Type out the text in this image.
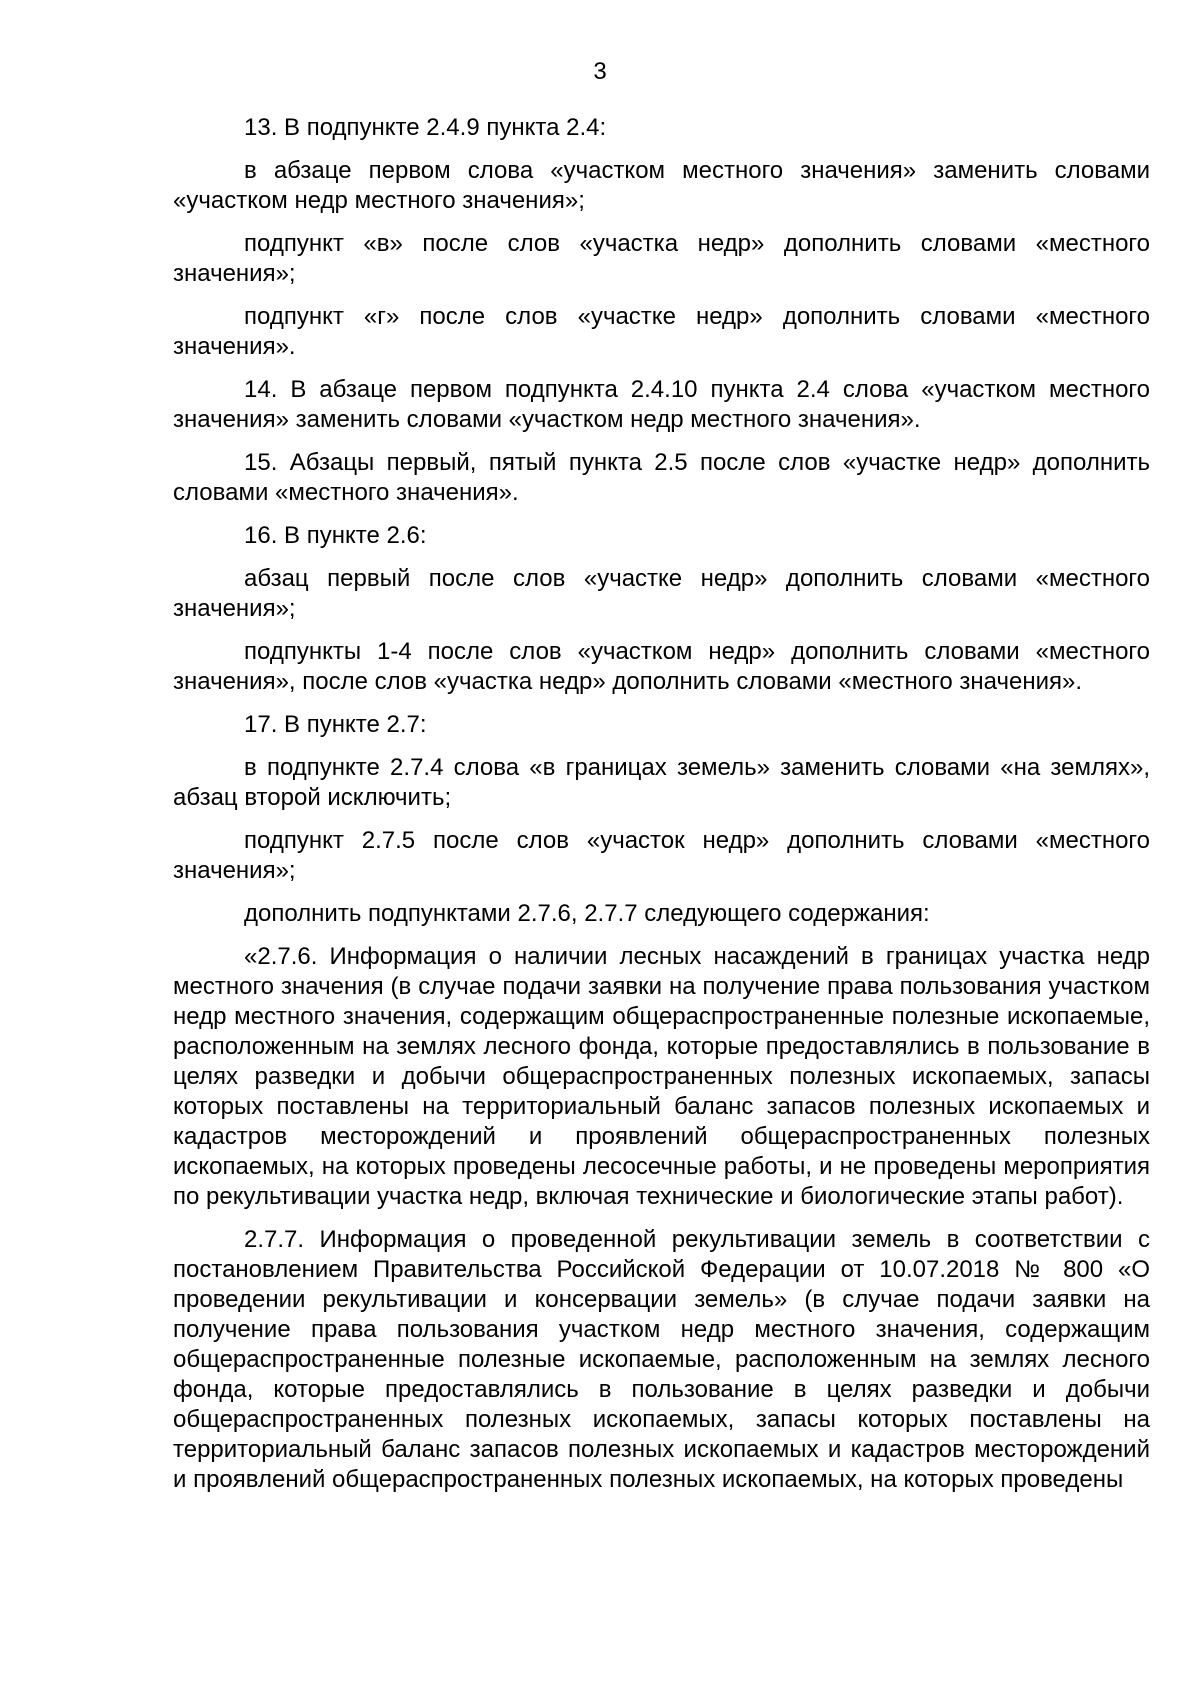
3

13. В подпункте 2.4.9 пункта 2.4:

в абзаце первом слова «участком местного значения» заменить словами «участком недр местного значения»;

подпункт «в» после слов «участка недр» дополнить словами «местного значения»;

подпункт «г» после слов «участке недр» дополнить словами «местного значения».

14. В абзаце первом подпункта 2.4.10 пункта 2.4 слова «участком местного значения» заменить словами «участком недр местного значения».

15. Абзацы первый, пятый пункта 2.5 после слов «участке недр» дополнить словами «местного значения».

16. В пункте 2.6:

абзац первый после слов «участке недр» дополнить словами «местного значения»;

подпункты 1-4 после слов «участком недр» дополнить словами «местного значения», после слов «участка недр» дополнить словами «местного значения».

17. В пункте 2.7:

в подпункте 2.7.4 слова «в границах земель» заменить словами «на землях», абзац второй исключить;

подпункт 2.7.5 после слов «участок недр» дополнить словами «местного значения»;

дополнить подпунктами 2.7.6, 2.7.7 следующего содержания:

«2.7.6. Информация о наличии лесных насаждений в границах участка недр местного значения (в случае подачи заявки на получение права пользования участком недр местного значения, содержащим общераспространенные полезные ископаемые, расположенным на землях лесного фонда, которые предоставлялись в пользование в целях разведки и добычи общераспространенных полезных ископаемых, запасы которых поставлены на территориальный баланс запасов полезных ископаемых и кадастров месторождений и проявлений общераспространенных полезных ископаемых, на которых проведены лесосечные работы, и не проведены мероприятия по рекультивации участка недр, включая технические и биологические этапы работ).

2.7.7. Информация о проведенной рекультивации земель в соответствии с постановлением Правительства Российской Федерации от 10.07.2018 № 800 «О проведении рекультивации и консервации земель» (в случае подачи заявки на получение права пользования участком недр местного значения, содержащим общераспространенные полезные ископаемые, расположенным на землях лесного фонда, которые предоставлялись в пользование в целях разведки и добычи общераспространенных полезных ископаемых, запасы которых поставлены на территориальный баланс запасов полезных ископаемых и кадастров месторождений и проявлений общераспространенных полезных ископаемых, на которых проведены
